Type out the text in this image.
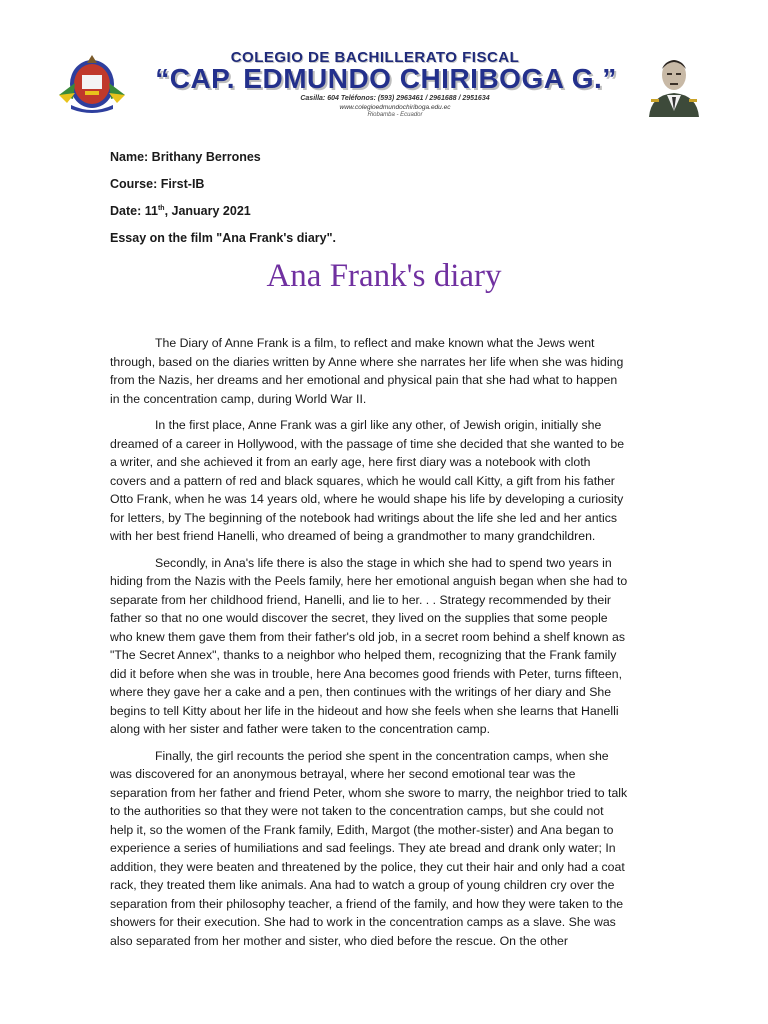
COLEGIO DE BACHILLERATO FISCAL
“CAP. EDMUNDO CHIRIBOGA G.”
Casilla: 604 Teléfonos: (593) 2963461 / 2961688 / 2951634
www.colegioedmundochiriboga.edu.ec
Riobamba - Ecuador
Name: Brithany Berrones
Course: First-IB
Date: 11th, January 2021
Essay on the film "Ana Frank's diary".
Ana Frank's diary

The Diary of Anne Frank is a film, to reflect and make known what the Jews went through, based on the diaries written by Anne where she narrates her life when she was hiding from the Nazis, her dreams and her emotional and physical pain that she had what to happen in the concentration camp, during World War II.

In the first place, Anne Frank was a girl like any other, of Jewish origin, initially she dreamed of a career in Hollywood, with the passage of time she decided that she wanted to be a writer, and she achieved it from an early age, here first diary was a notebook with cloth covers and a pattern of red and black squares, which he would call Kitty, a gift from his father Otto Frank, when he was 14 years old, where he would shape his life by developing a curiosity for letters, by The beginning of the notebook had writings about the life she led and her antics with her best friend Hanelli, who dreamed of being a grandmother to many grandchildren.

Secondly, in Ana's life there is also the stage in which she had to spend two years in hiding from the Nazis with the Peels family, here her emotional anguish began when she had to separate from her childhood friend, Hanelli, and lie to her. . . Strategy recommended by their father so that no one would discover the secret, they lived on the supplies that some people who knew them gave them from their father's old job, in a secret room behind a shelf known as "The Secret Annex", thanks to a neighbor who helped them, recognizing that the Frank family did it before when she was in trouble, here Ana becomes good friends with Peter, turns fifteen, where they gave her a cake and a pen, then continues with the writings of her diary and She begins to tell Kitty about her life in the hideout and how she feels when she learns that Hanelli along with her sister and father were taken to the concentration camp.

Finally, the girl recounts the period she spent in the concentration camps, when she was discovered for an anonymous betrayal, where her second emotional tear was the separation from her father and friend Peter, whom she swore to marry, the neighbor tried to talk to the authorities so that they were not taken to the concentration camps, but she could not help it, so the women of the Frank family, Edith, Margot (the mother-sister) and Ana began to experience a series of humiliations and sad feelings. They ate bread and drank only water; In addition, they were beaten and threatened by the police, they cut their hair and only had a coat rack, they treated them like animals. Ana had to watch a group of young children cry over the separation from their philosophy teacher, a friend of the family, and how they were taken to the showers for their execution. She had to work in the concentration camps as a slave. She was also separated from her mother and sister, who died before the rescue. On the other
